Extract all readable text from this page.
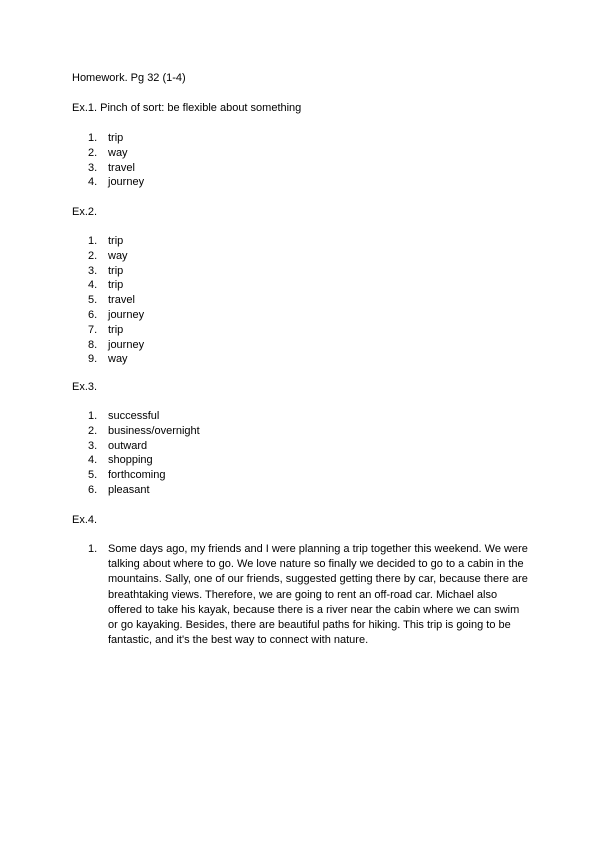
Homework. Pg 32 (1-4)

Ex.1. Pinch of sort: be flexible about something

1. trip
2. way
3. travel
4. journey

Ex.2.

1. trip
2. way
3. trip
4. trip
5. travel
6. journey
7. trip
8. journey
9. way

Ex.3.

1. successful
2. business/overnight
3. outward
4. shopping
5. forthcoming
6. pleasant

Ex.4.

1. Some days ago, my friends and I were planning a trip together this weekend. We were talking about where to go. We love nature so finally we decided to go to a cabin in the mountains. Sally, one of our friends, suggested getting there by car, because there are breathtaking views. Therefore, we are going to rent an off-road car. Michael also offered to take his kayak, because there is a river near the cabin where we can swim or go kayaking. Besides, there are beautiful paths for hiking. This trip is going to be fantastic, and it's the best way to connect with nature.
